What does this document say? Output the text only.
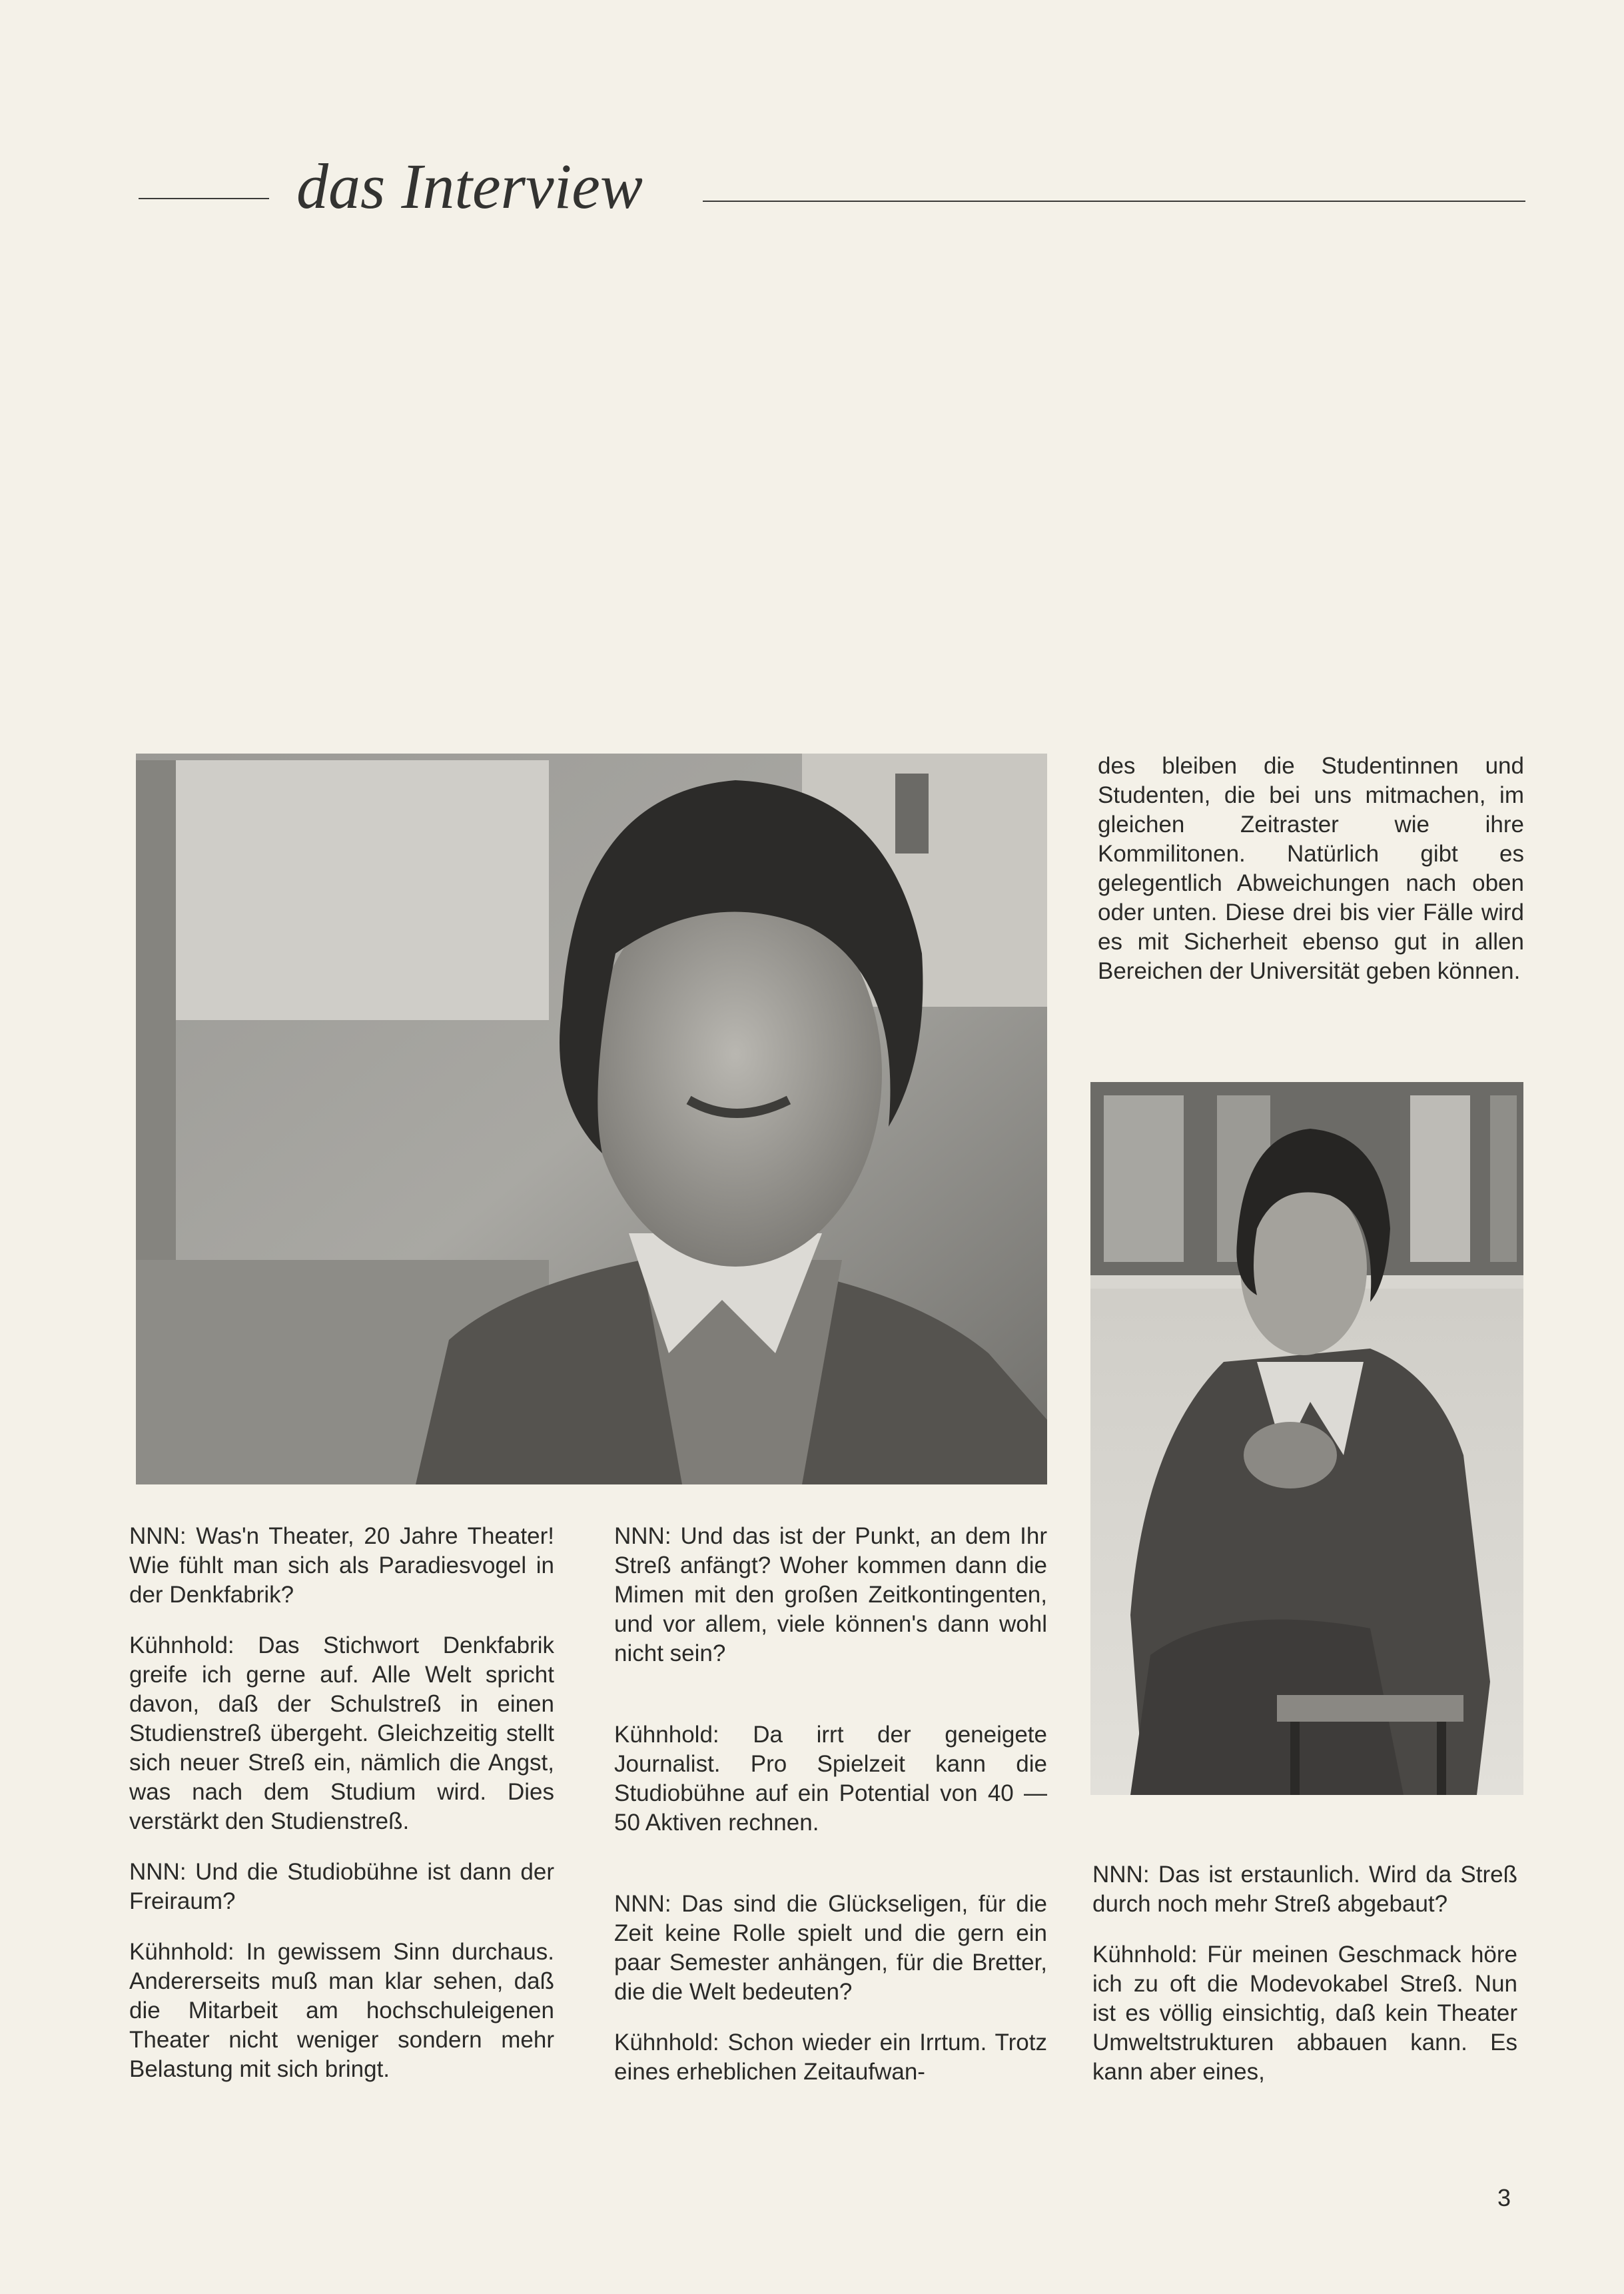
das Interview

NNN: Was'n Theater, 20 Jahre Theater! Wie fühlt man sich als Paradiesvogel in der Denkfabrik?

Kühnhold: Das Stichwort Denkfabrik greife ich gerne auf. Alle Welt spricht davon, daß der Schulstreß in einen Studienstreß übergeht. Gleichzeitig stellt sich neuer Streß ein, nämlich die Angst, was nach dem Studium wird. Dies verstärkt den Studienstreß.

NNN: Und die Studiobühne ist dann der Freiraum?

Kühnhold: In gewissem Sinn durchaus. Andererseits muß man klar sehen, daß die Mitarbeit am hochschuleigenen Theater nicht weniger sondern mehr Belastung mit sich bringt.

NNN: Und das ist der Punkt, an dem Ihr Streß anfängt? Woher kommen dann die Mimen mit den großen Zeitkontingenten, und vor allem, viele können's dann wohl nicht sein?

Kühnhold: Da irrt der geneigete Journalist. Pro Spielzeit kann die Studiobühne auf ein Potential von 40 — 50 Aktiven rechnen.

NNN: Das sind die Glückseligen, für die Zeit keine Rolle spielt und die gern ein paar Semester anhängen, für die Bretter, die die Welt bedeuten?

Kühnhold: Schon wieder ein Irrtum. Trotz eines erheblichen Zeitaufwan-

des bleiben die Studentinnen und Studenten, die bei uns mitmachen, im gleichen Zeitraster wie ihre Kommilitonen. Natürlich gibt es gelegentlich Abweichungen nach oben oder unten. Diese drei bis vier Fälle wird es mit Sicherheit ebenso gut in allen Bereichen der Universität geben können.

NNN: Das ist erstaunlich. Wird da Streß durch noch mehr Streß abgebaut?

Kühnhold: Für meinen Geschmack höre ich zu oft die Modevokabel Streß. Nun ist es völlig einsichtig, daß kein Theater Umweltstrukturen abbauen kann. Es kann aber eines,

3
